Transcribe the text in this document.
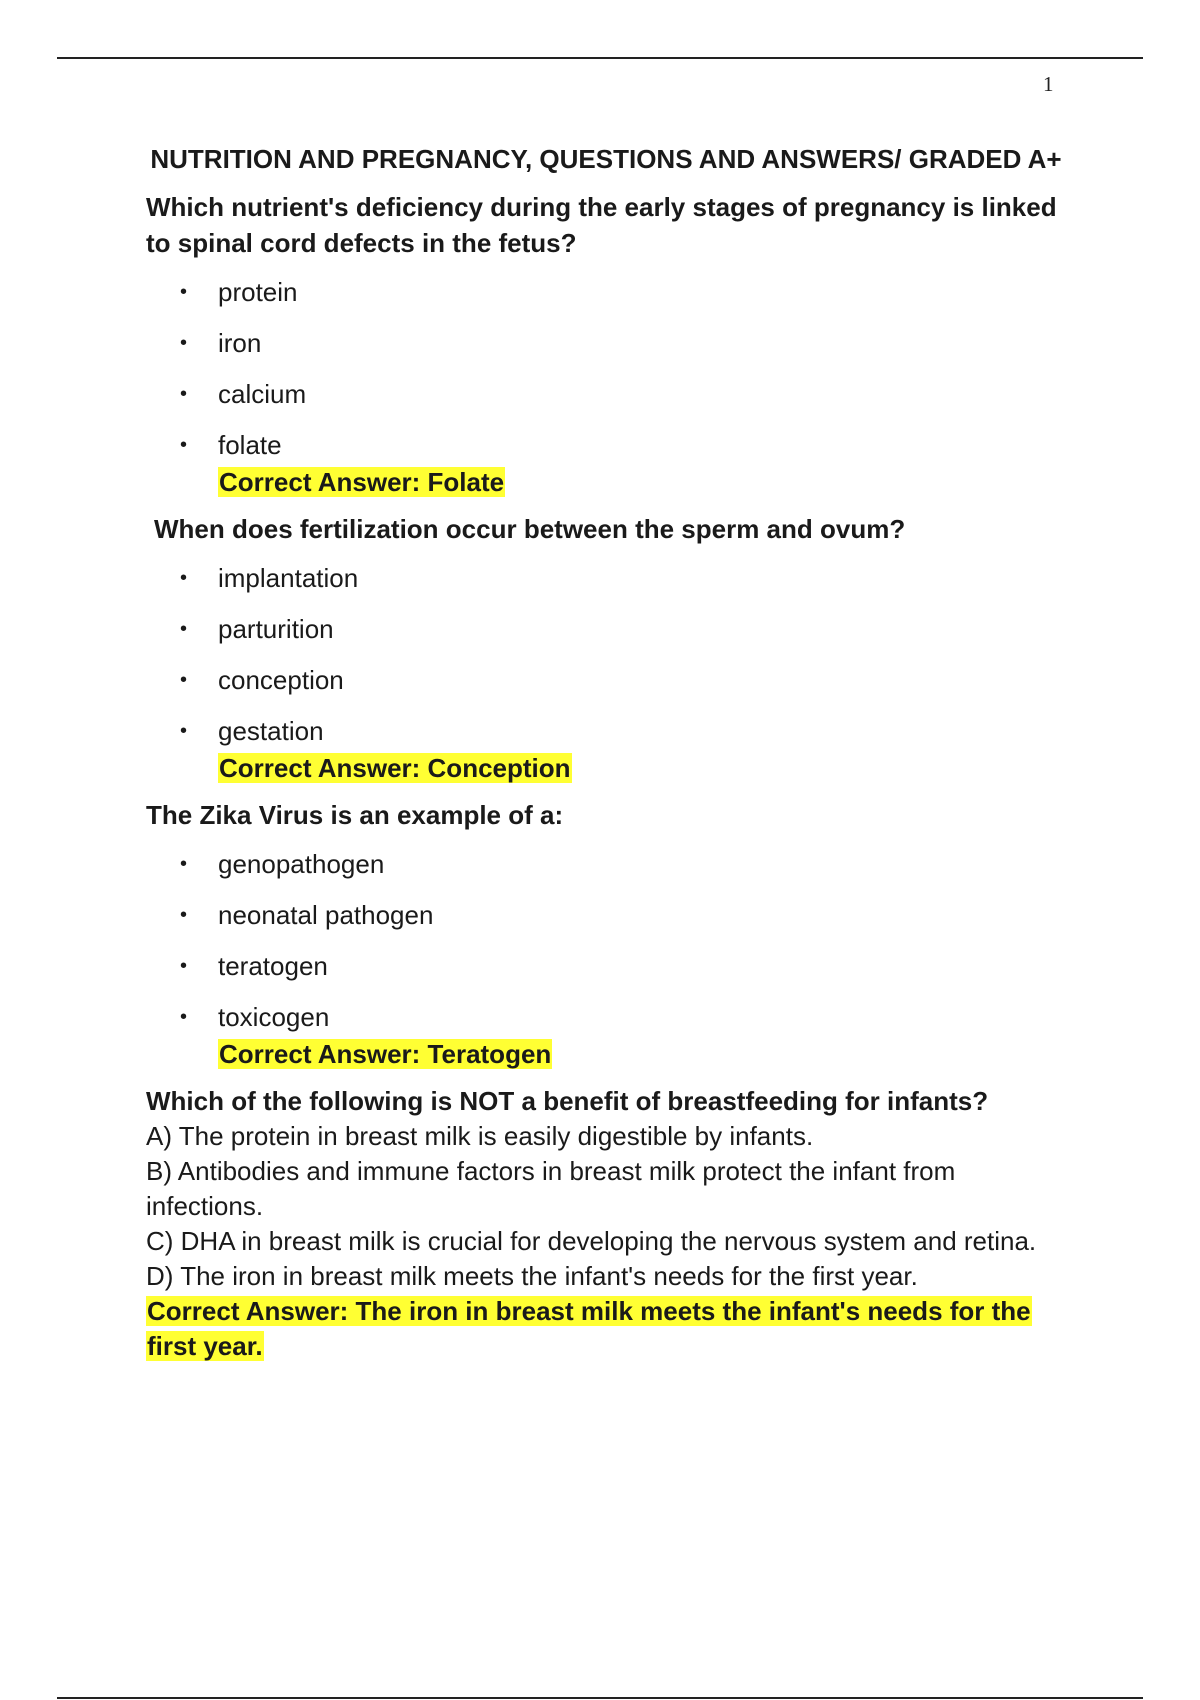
1
NUTRITION AND PREGNANCY, QUESTIONS AND ANSWERS/ GRADED A+

Which nutrient's deficiency during the early stages of pregnancy is linked to spinal cord defects in the fetus?

• protein
• iron
• calcium
• folate
Correct Answer: Folate

When does fertilization occur between the sperm and ovum?

• implantation
• parturition
• conception
• gestation
Correct Answer: Conception

The Zika Virus is an example of a:

• genopathogen
• neonatal pathogen
• teratogen
• toxicogen
Correct Answer: Teratogen

Which of the following is NOT a benefit of breastfeeding for infants?

A) The protein in breast milk is easily digestible by infants.

B) Antibodies and immune factors in breast milk protect the infant from infections.

C) DHA in breast milk is crucial for developing the nervous system and retina.

D) The iron in breast milk meets the infant's needs for the first year.

Correct Answer: The iron in breast milk meets the infant's needs for the first year.
